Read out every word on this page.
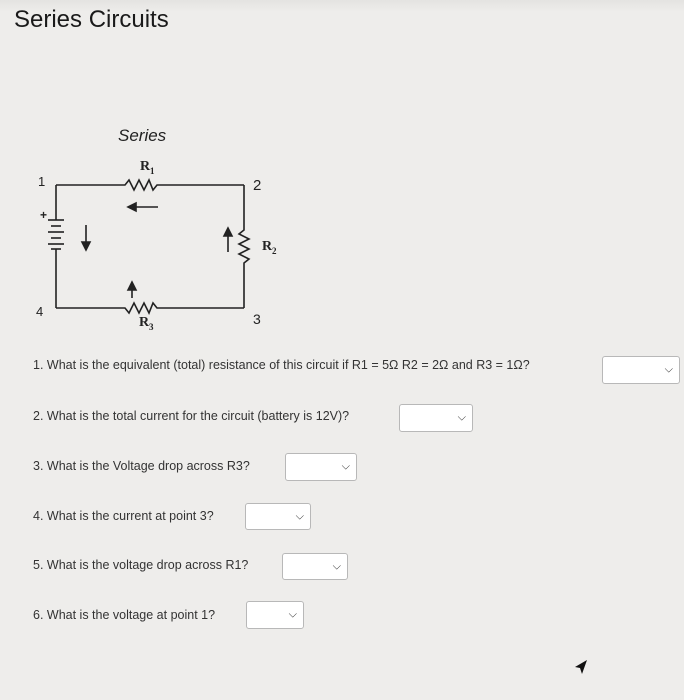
Series Circuits
Series
R 1
R 2
R 3
1	2
3
4
+
1. What is the equivalent (total) resistance of this circuit if R1 = 5Ω R2 = 2Ω and R3 = 1Ω?	⌵
2. What is the total current for the circuit (battery is 12V)?	⌵
3. What is the Voltage drop across R3?	⌵
4. What is the current at point 3?	⌵
5. What is the voltage drop across R1?	⌵
6. What is the voltage at point 1?	⌵
